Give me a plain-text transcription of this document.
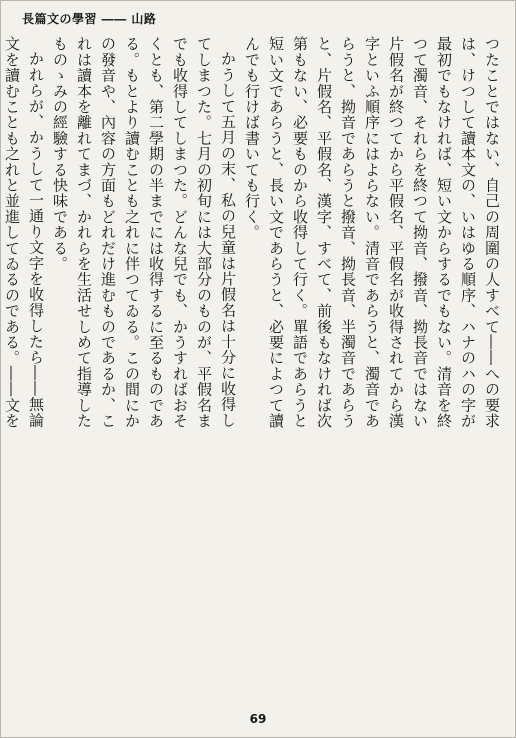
長篇文の學習 ―― 山路

つたことではない、自己の周圍の人すべて――への要求

は、けつして讀本文の、いはゆる順序、ハナのハの字が

最初でもなければ、短い文からするでもない。清音を終

つて濁音、それらを終つて拗音、撥音、拗長音ではない

片假名が終つてから平假名、平假名が收得されてから漢

字といふ順序にはよらない。清音であらうと、濁音であ

らうと、拗音であらうと撥音、拗長音、半濁音であらう

と、片假名、平假名、漢字、すべて、前後もなければ次

第もない、必要ものから收得して行く。單語であらうと

短い文であらうと、長い文であらうと、必要によつて讀

んでも行けば書いても行く。

かうして五月の末、私の兒童は片假名は十分に收得し

てしまつた。七月の初旬には大部分のものが、平假名ま

でも收得してしまつた。どんな兒でも、かうすればおそ

くとも、第二學期の半までには收得するに至るものであ

る。もとより讀むことも之れに伴つてゐる。この間にか

の發音や、內容の方面もどれだけ進むものであるか、こ

れは讀本を離れてまづ、かれらを生活せしめて指導した

ものゝみの經驗する快味である。

かれらが、かうして一通り文字を收得したら――無論

文を讀むことも之れと並進してゐるのである。――文を

69
